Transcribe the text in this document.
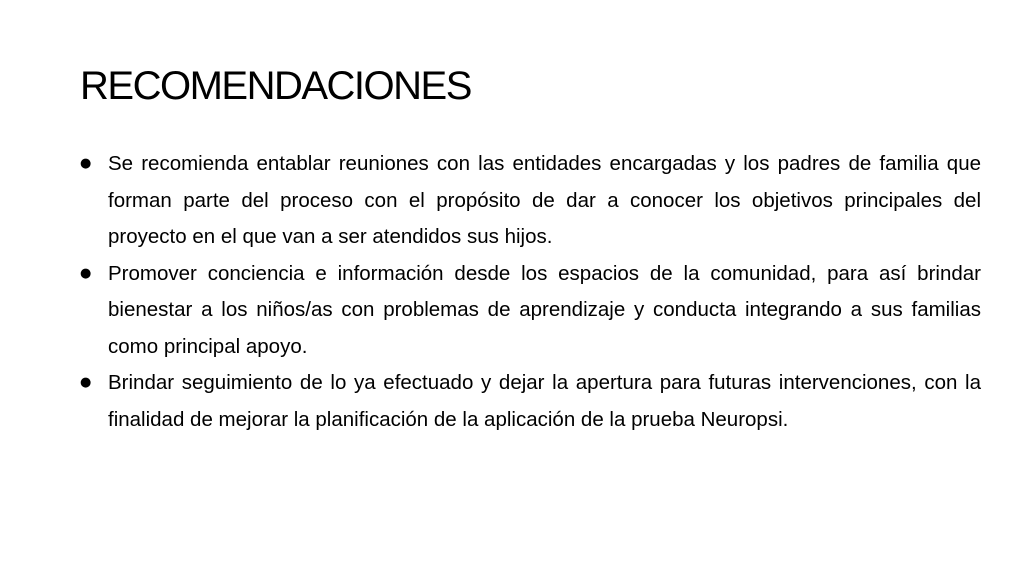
RECOMENDACIONES
● Se recomienda entablar reuniones con las entidades encargadas y los padres de familia que forman parte del proceso con el propósito de dar a conocer los objetivos principales del proyecto en el que van a ser atendidos sus hijos.
● Promover conciencia e información desde los espacios de la comunidad, para así brindar bienestar a los niños/as con problemas de aprendizaje y conducta integrando a sus familias como principal apoyo.
● Brindar seguimiento de lo ya efectuado y dejar la apertura para futuras intervenciones, con la finalidad de mejorar la planificación de la aplicación de la prueba Neuropsi.
